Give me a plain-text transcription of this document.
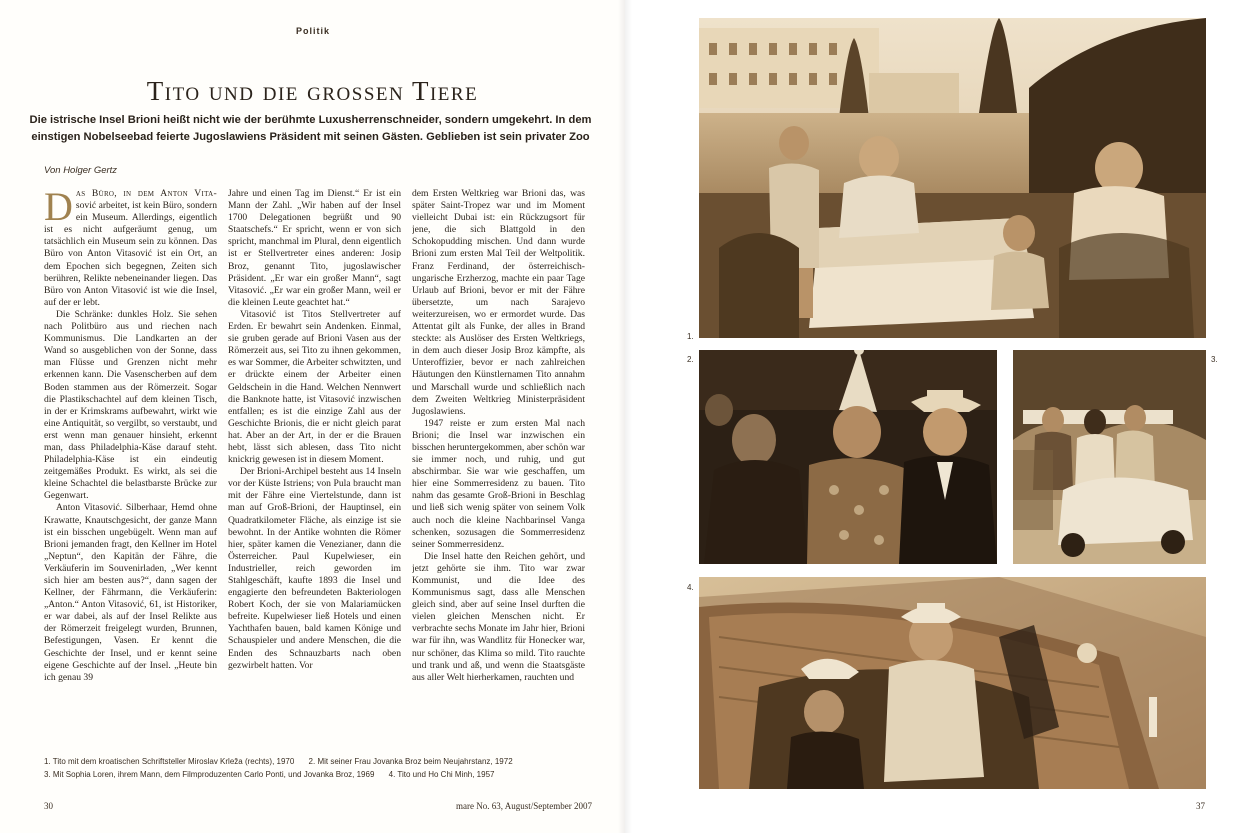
Politik
Tito und die grossen Tiere
Die istrische Insel Brioni heißt nicht wie der berühmte Luxusherrenschneider, sondern umgekehrt. In dem einstigen Nobelseebad feierte Jugoslawiens Präsident mit seinen Gästen. Geblieben ist sein privater Zoo
Von Holger Gertz

Das Büro, in dem Anton Vita- sović arbeitet, ist kein Büro, sondern ein Museum. Allerdings, eigentlich ist es nicht aufgeräumt genug, um tatsächlich ein Museum sein zu können. Das Büro von Anton Vitasović ist ein Ort, an dem Epochen sich begegnen, Zeiten sich berühren, Relikte nebeneinander liegen. Das Büro von Anton Vitasović ist wie die Insel, auf der er lebt.

Die Schränke: dunkles Holz. Sie sehen nach Politbüro aus und riechen nach Kommunismus. Die Landkarten an der Wand so ausgeblichen von der Sonne, dass man Flüsse und Grenzen nicht mehr erkennen kann. Die Vasenscherben auf dem Boden stammen aus der Römerzeit. Sogar die Plastikschachtel auf dem kleinen Tisch, in der er Krimskrams aufbewahrt, wirkt wie eine Antiquität, so vergilbt, so verstaubt, und erst wenn man genauer hinsieht, erkennt man, dass Philadelphia-Käse darauf steht. Philadelphia-Käse ist ein eindeutig zeitgemäßes Produkt. Es wirkt, als sei die kleine Schachtel die belastbarste Brücke zur Gegenwart.

Anton Vitasović. Silberhaar, Hemd ohne Krawatte, Knautschgesicht, der ganze Mann ist ein bisschen ungebügelt. Wenn man auf Brioni jemanden fragt, den Kellner im Hotel „Neptun“, den Kapitän der Fähre, die Verkäuferin im Souvenirladen, „Wer kennt sich hier am besten aus?“, dann sagen der Kellner, der Fährmann, die Verkäuferin: „Anton.“ Anton Vitasović, 61, ist Historiker, er war dabei, als auf der Insel Relikte aus der Römerzeit freigelegt wurden, Brunnen, Befestigungen, Vasen. Er kennt die Geschichte der Insel, und er kennt seine eigene Geschichte auf der Insel. „Heute bin ich genau 39

Jahre und einen Tag im Dienst.“ Er ist ein Mann der Zahl. „Wir haben auf der Insel 1700 Delegationen begrüßt und 90 Staatschefs.“ Er spricht, wenn er von sich spricht, manchmal im Plural, denn eigentlich ist er Stellvertreter eines anderen: Josip Broz, genannt Tito, jugoslawischer Präsident. „Er war ein großer Mann“, sagt Vitasović. „Er war ein großer Mann, weil er die kleinen Leute geachtet hat.“

Vitasović ist Titos Stellvertreter auf Erden. Er bewahrt sein Andenken. Einmal, sie gruben gerade auf Brioni Vasen aus der Römerzeit aus, sei Tito zu ihnen gekommen, es war Sommer, die Arbeiter schwitzten, und er drückte einem der Arbeiter einen Geldschein in die Hand. Welchen Nennwert die Banknote hatte, ist Vitasović inzwischen entfallen; es ist die einzige Zahl aus der Geschichte Brionis, die er nicht gleich parat hat. Aber an der Art, in der er die Brauen hebt, lässt sich ablesen, dass Tito nicht knickrig gewesen ist in diesem Moment.

Der Brioni-Archipel besteht aus 14 Inseln vor der Küste Istriens; von Pula braucht man mit der Fähre eine Viertelstunde, dann ist man auf Groß-Brioni, der Hauptinsel, ein Quadratkilometer Fläche, als einzige ist sie bewohnt. In der Antike wohnten die Römer hier, später kamen die Venezianer, dann die Österreicher. Paul Kupelwieser, ein Industrieller, reich geworden im Stahlgeschäft, kaufte 1893 die Insel und engagierte den befreundeten Bakteriologen Robert Koch, der sie von Malariamücken befreite. Kupelwieser ließ Hotels und einen Yachthafen bauen, bald kamen Könige und Schauspieler und andere Menschen, die die Enden des Schnauzbarts nach oben gezwirbelt hatten. Vor

dem Ersten Weltkrieg war Brioni das, was später Saint-Tropez war und im Moment vielleicht Dubai ist: ein Rückzugsort für jene, die sich Blattgold in den Schokopudding mischen. Und dann wurde Brioni zum ersten Mal Teil der Weltpolitik. Franz Ferdinand, der österreichisch-ungarische Erzherzog, machte ein paar Tage Urlaub auf Brioni, bevor er mit der Fähre übersetzte, um nach Sarajevo weiterzureisen, wo er ermordet wurde. Das Attentat gilt als Funke, der alles in Brand steckte: als Auslöser des Ersten Weltkriegs, in dem auch dieser Josip Broz kämpfte, als Unteroffizier, bevor er nach zahlreichen Häutungen den Künstlernamen Tito annahm und Marschall wurde und schließlich nach dem Zweiten Weltkrieg Ministerpräsident Jugoslawiens.

1947 reiste er zum ersten Mal nach Brioni; die Insel war inzwischen ein bisschen heruntergekommen, aber schön war sie immer noch, und ruhig, und gut abschirmbar. Sie war wie geschaffen, um hier eine Sommerresidenz zu bauen. Tito nahm das gesamte Groß-Brioni in Beschlag und ließ sich wenig später von seinem Volk auch noch die kleine Nachbarinsel Vanga schenken, sozusagen die Sommerresidenz seiner Sommerresidenz.

Die Insel hatte den Reichen gehört, und jetzt gehörte sie ihm. Tito war zwar Kommunist, und die Idee des Kommunismus sagt, dass alle Menschen gleich sind, aber auf seine Insel durften die vielen gleichen Menschen nicht. Er verbrachte sechs Monate im Jahr hier, Brioni war für ihn, was Wandlitz für Honecker war, nur schöner, das Klima so mild. Tito rauchte und trank und aß, und wenn die Staatsgäste aus aller Welt hierherkamen, rauchten und

1. Tito mit dem kroatischen Schriftsteller Miroslav Krleža (rechts), 1970 2. Mit seiner Frau Jovanka Broz beim Neujahrstanz, 1972
3. Mit Sophia Loren, ihrem Mann, dem Filmproduzenten Carlo Ponti, und Jovanka Broz, 1969 4. Tito und Ho Chi Minh, 1957
30	mare No. 63, August/September 2007	37
1.
2.	3.
4.
